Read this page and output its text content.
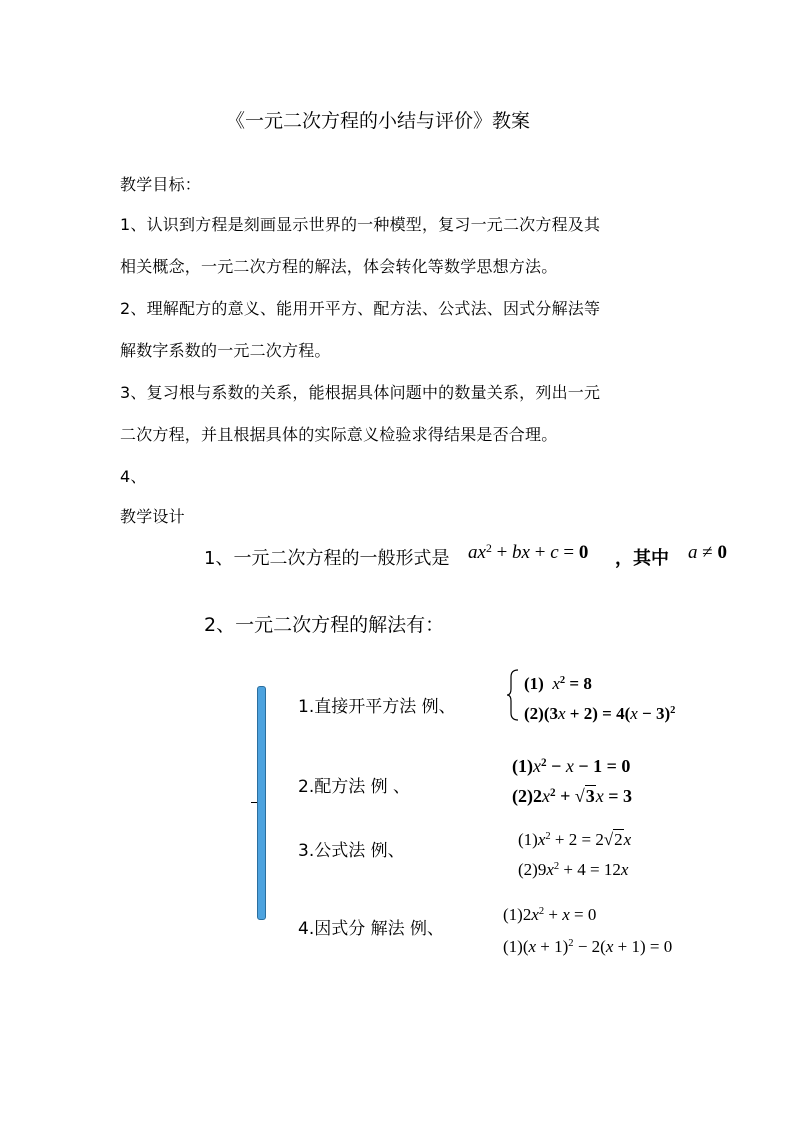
《一元二次方程的小结与评价》教案
教学目标：
1、认识到方程是刻画显示世界的一种模型，复习一元二次方程及其
相关概念，一元二次方程的解法，体会转化等数学思想方法。
2、理解配方的意义、能用开平方、配方法、公式法、因式分解法等
解数字系数的一元二次方程。
3、复习根与系数的关系，能根据具体问题中的数量关系，列出一元
二次方程，并且根据具体的实际意义检验求得结果是否合理。
4、
教学设计
1、一元二次方程的一般形式是 $ax^2$ + bx + c = 0 ，其中 a ≠ 0
2、一元二次方程的解法有：
1.直接开平方法 例、
(1) $x^2 = 8$
$(2)(3x + 2) = 4(x - 3)^2$
2.配方法 例 、
$(1)x^2 - x - 1 = 0$
$(2)2x^2 + √3x = 3$
3.公式法 例、
$(1)x^2 + 2 = 2√2x$
$(2)9x^2 + 4 = 12x$
4.因式分 解法 例、
$(1)2x^2 + x = 0$
$(1)(x + 1)^2 - 2(x + 1) = 0$
